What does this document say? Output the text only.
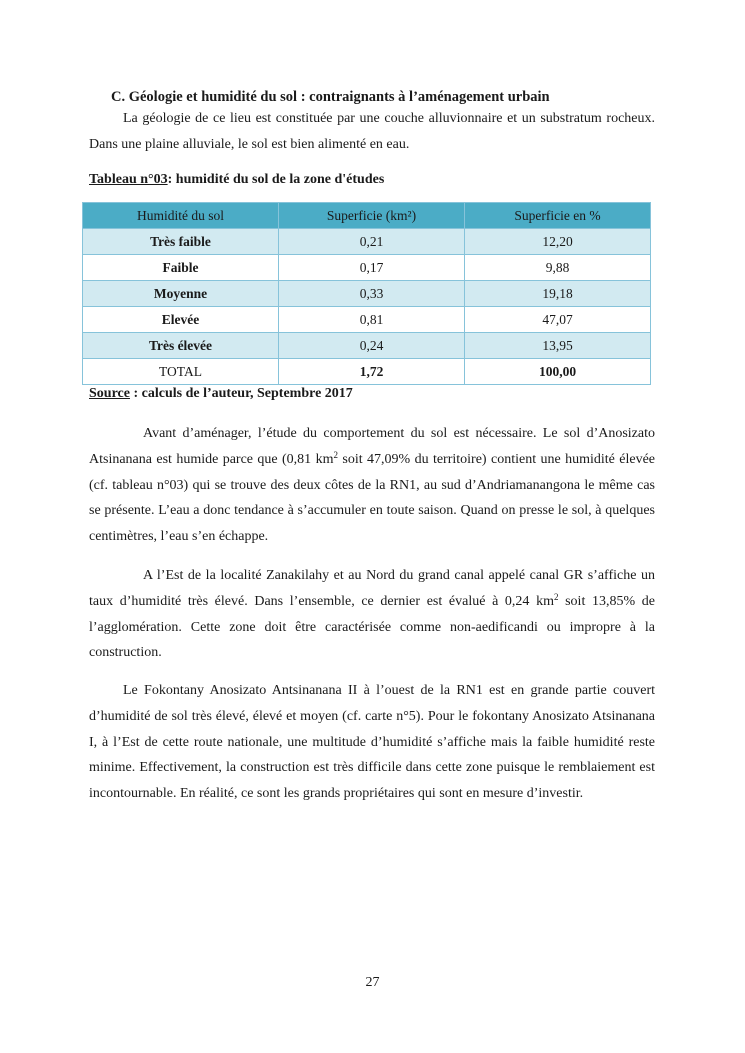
C. Géologie et humidité du sol : contraignants à l’aménagement urbain
La géologie de ce lieu est constituée par une couche alluvionnaire et un substratum rocheux. Dans une plaine alluviale, le sol est bien alimenté en eau.
Tableau n°03: humidité du sol de la zone d'études
Humidité du sol	Superficie (km²)	Superficie en %
Très faible	0,21	12,20
Faible	0,17	9,88
Moyenne	0,33	19,18
Elevée	0,81	47,07
Très élevée	0,24	13,95
TOTAL	1,72	100,00
Source : calculs de l’auteur, Septembre 2017
Avant d’aménager, l’étude du comportement du sol est nécessaire. Le sol d’Anosizato Atsinanana est humide parce que (0,81 $km^2$ soit 47,09% du territoire) contient une humidité élevée (cf. tableau n°03) qui se trouve des deux côtes de la RN1, au sud d’Andriamanangona le même cas se présente. L’eau a donc tendance à s’accumuler en toute saison. Quand on presse le sol, à quelques centimètres, l’eau s’en échappe.
A l’Est de la localité Zanakilahy et au Nord du grand canal appelé canal GR s’affiche un taux d’humidité très élevé. Dans l’ensemble, ce dernier est évalué à 0,24 $km^2$ soit 13,85% de l’agglomération. Cette zone doit être caractérisée comme non-aedificandi ou impropre à la construction.
Le Fokontany Anosizato Antsinanana II à l’ouest de la RN1 est en grande partie couvert d’humidité de sol très élevé, élevé et moyen (cf. carte n°5). Pour le fokontany Anosizato Atsinanana I, à l’Est de cette route nationale, une multitude d’humidité s’affiche mais la faible humidité reste minime. Effectivement, la construction est très difficile dans cette zone puisque le remblaiement est incontournable. En réalité, ce sont les grands propriétaires qui sont en mesure d’investir.
27
